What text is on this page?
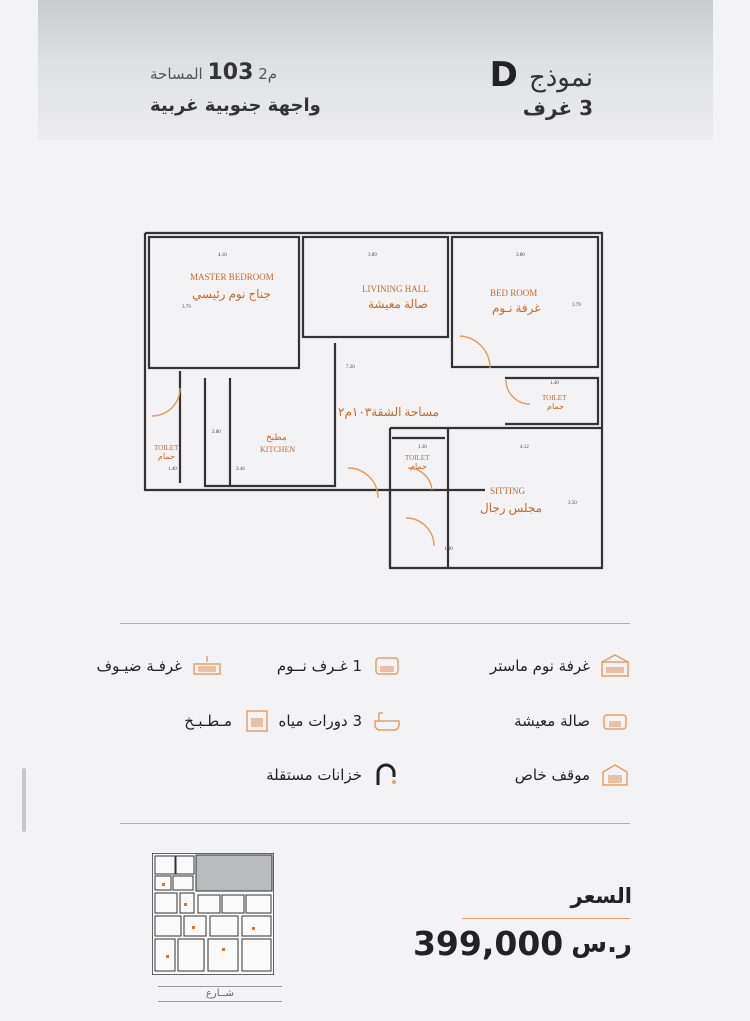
نموذج D
3 غرف
م2 103 المساحة
واجهة جنوبية غربية
MASTER BEDROOM
جناح نوم رئيسي	LIVINING HALL
صالة معيشة
BED ROOM
غرفة نـوم
TOILET
حمام
TOILET
حمام	TOILET
حمام
مطبخ
KITCHEN
مساحة الشقة١٠٣م٢
SITTING
مجلس رجال
4.10	3.89	3.80
1.40	3.46
1.30	4.12
1.40
1.80
3.50
3.79
2.80
3.79
7.20
غرفة نوم ماستر
1 غـرف نــوم
غرفـة ضيـوف
صالة معيشة
3 دورات مياه
مـطـبـخ
موقف خاص
خزانات مستقلة
شــارع
السعر
399,000 ر.س
